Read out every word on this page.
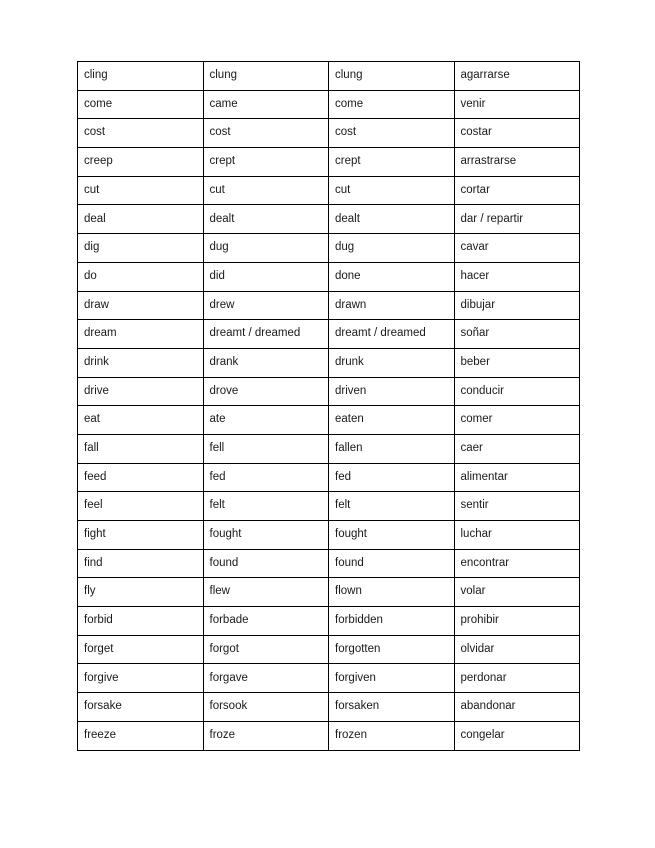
cling	clung	clung	agarrarse
come	came	come	venir
cost	cost	cost	costar
creep	crept	crept	arrastrarse
cut	cut	cut	cortar
deal	dealt	dealt	dar / repartir
dig	dug	dug	cavar
do	did	done	hacer
draw	drew	drawn	dibujar
dream	dreamt / dreamed	dreamt / dreamed	soñar
drink	drank	drunk	beber
drive	drove	driven	conducir
eat	ate	eaten	comer
fall	fell	fallen	caer
feed	fed	fed	alimentar
feel	felt	felt	sentir
fight	fought	fought	luchar
find	found	found	encontrar
fly	flew	flown	volar
forbid	forbade	forbidden	prohibir
forget	forgot	forgotten	olvidar
forgive	forgave	forgiven	perdonar
forsake	forsook	forsaken	abandonar
freeze	froze	frozen	congelar
